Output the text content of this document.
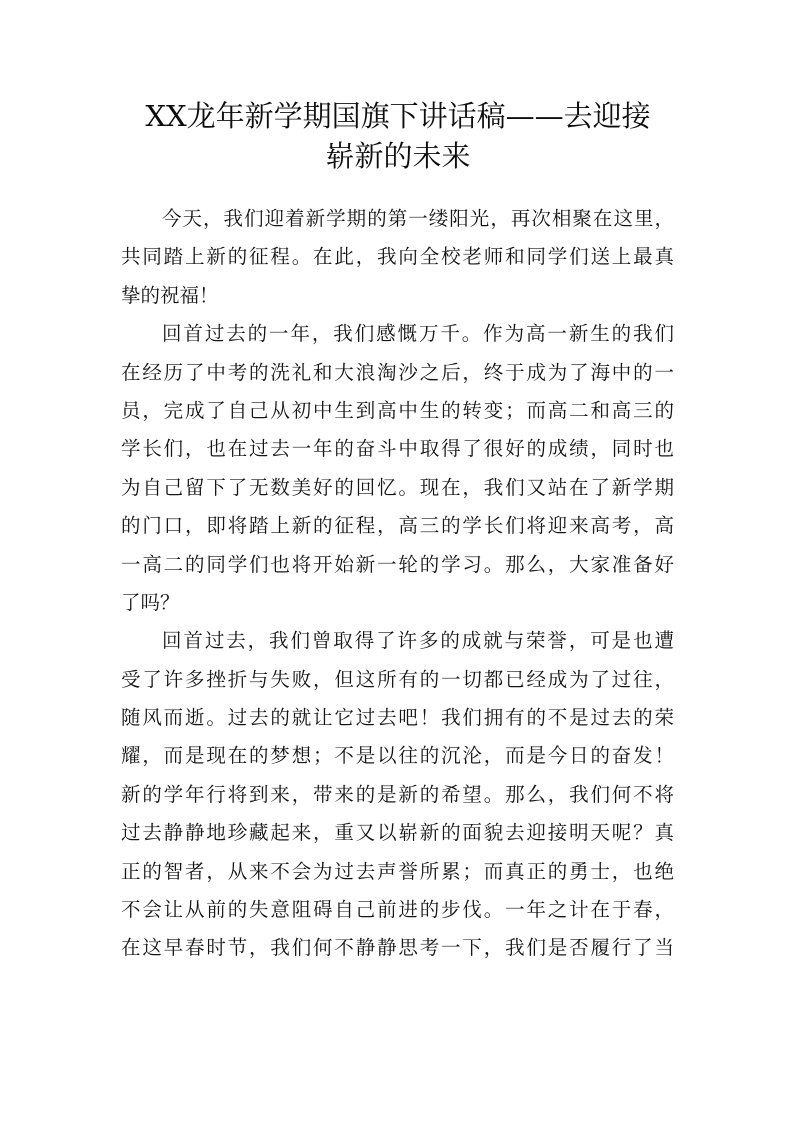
XX龙年新学期国旗下讲话稿——去迎接
崭新的未来
今天，我们迎着新学期的第一缕阳光，再次相聚在这里，
共同踏上新的征程。在此，我向全校老师和同学们送上最真
挚的祝福！
回首过去的一年，我们感慨万千。作为高一新生的我们
在经历了中考的洗礼和大浪淘沙之后，终于成为了海中的一
员，完成了自己从初中生到高中生的转变；而高二和高三的
学长们，也在过去一年的奋斗中取得了很好的成绩，同时也
为自己留下了无数美好的回忆。现在，我们又站在了新学期
的门口，即将踏上新的征程，高三的学长们将迎来高考，高
一高二的同学们也将开始新一轮的学习。那么，大家准备好
了吗？
回首过去，我们曾取得了许多的成就与荣誉，可是也遭
受了许多挫折与失败，但这所有的一切都已经成为了过往，
随风而逝。过去的就让它过去吧！我们拥有的不是过去的荣
耀，而是现在的梦想；不是以往的沉沦，而是今日的奋发！
新的学年行将到来，带来的是新的希望。那么，我们何不将
过去静静地珍藏起来，重又以崭新的面貌去迎接明天呢？真
正的智者，从来不会为过去声誉所累；而真正的勇士，也绝
不会让从前的失意阻碍自己前进的步伐。一年之计在于春，
在这早春时节，我们何不静静思考一下，我们是否履行了当
